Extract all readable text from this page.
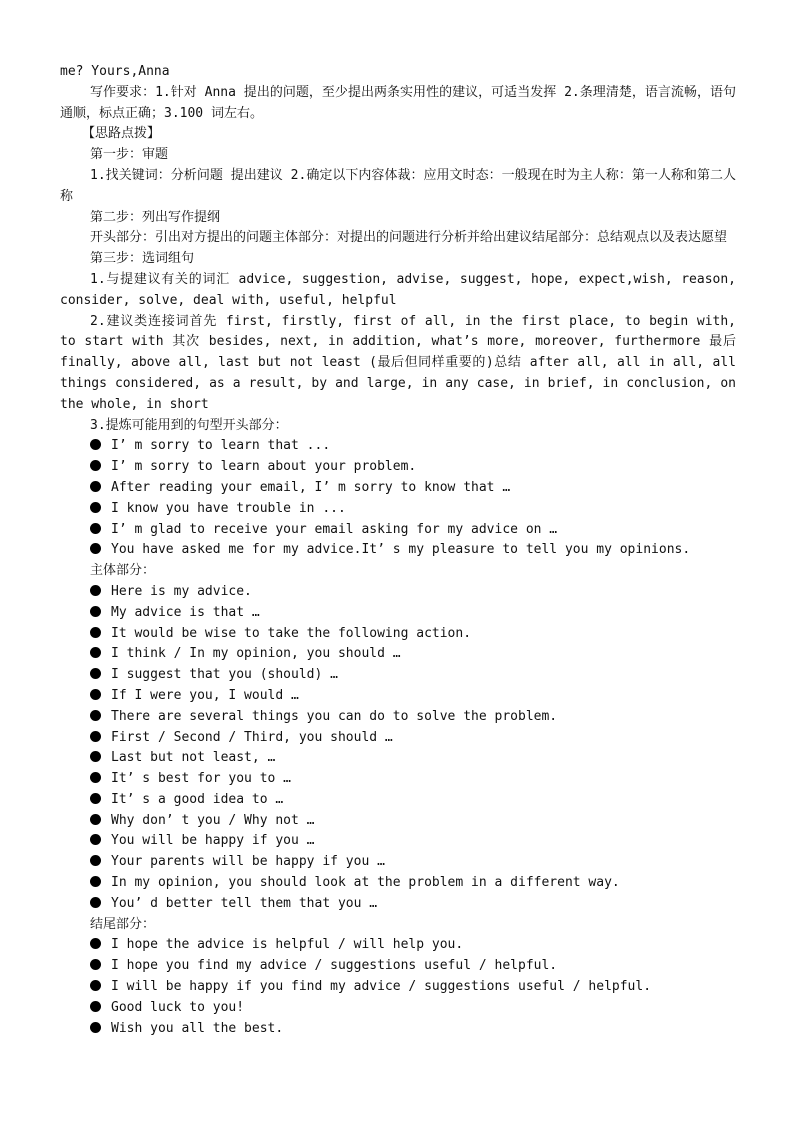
me? Yours,Anna
写作要求：1.针对 Anna 提出的问题，至少提出两条实用性的建议，可适当发挥 2.条理清楚，语言流畅，语句通顺，标点正确；3.100 词左右。
【思路点拨】
第一步：审题
1.找关键词：分析问题 提出建议 2.确定以下内容体裁：应用文时态：一般现在时为主人称：第一人称和第二人称
第二步：列出写作提纲
开头部分：引出对方提出的问题主体部分：对提出的问题进行分析并给出建议结尾部分：总结观点以及表达愿望
第三步：选词组句
1.与提建议有关的词汇 advice, suggestion, advise, suggest, hope, expect,wish, reason, consider, solve, deal with, useful, helpful
2.建议类连接词首先 first, firstly, first of all, in the first place, to begin with, to start with 其次 besides, next, in addition, what’s more, moreover, furthermore 最后 finally, above all, last but not least (最后但同样重要的)总结 after all, all in all, all things considered, as a result, by and large, in any case, in brief, in conclusion, on the whole, in short
3.提炼可能用到的句型开头部分：
I’ m sorry to learn that ...
I’ m sorry to learn about your problem.
After reading your email, I’ m sorry to know that …
I know you have trouble in ...
I’ m glad to receive your email asking for my advice on …
You have asked me for my advice.It’ s my pleasure to tell you my opinions.
主体部分：
Here is my advice.
My advice is that …
It would be wise to take the following action.
I think / In my opinion, you should …
I suggest that you (should) …
If I were you, I would …
There are several things you can do to solve the problem.
First / Second / Third, you should …
Last but not least, …
It’ s best for you to …
It’ s a good idea to …
Why don’ t you / Why not …
You will be happy if you …
Your parents will be happy if you …
In my opinion, you should look at the problem in a different way.
You’ d better tell them that you …
结尾部分：
I hope the advice is helpful / will help you.
I hope you find my advice / suggestions useful / helpful.
I will be happy if you find my advice / suggestions useful / helpful.
Good luck to you!
Wish you all the best.
